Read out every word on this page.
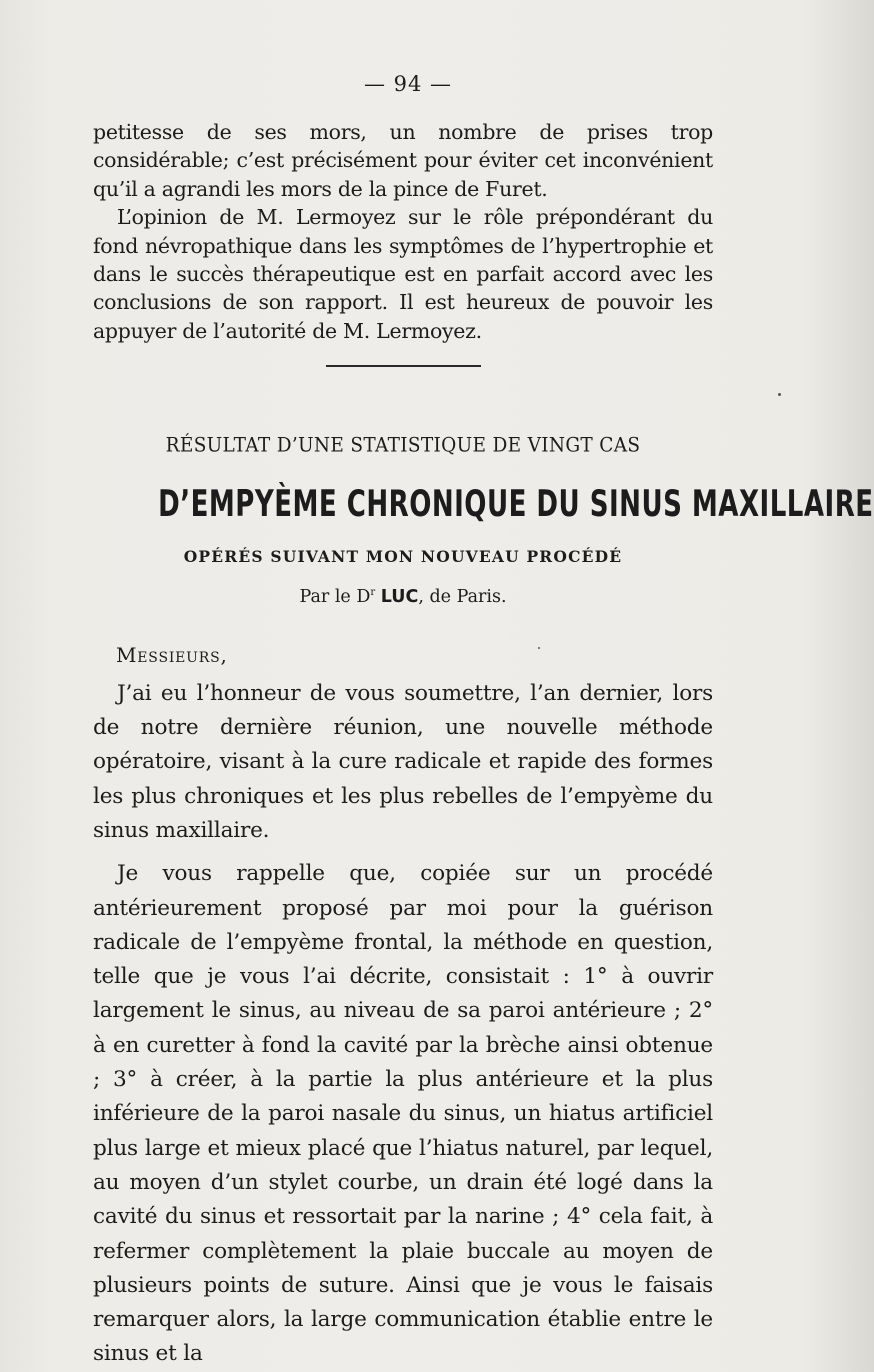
— 94 —

petitesse de ses mors, un nombre de prises trop considérable; c’est précisément pour éviter cet inconvénient qu’il a agrandi les mors de la pince de Furet.

L’opinion de M. Lermoyez sur le rôle prépondérant du fond névropathique dans les symptômes de l’hypertrophie et dans le succès thérapeutique est en parfait accord avec les conclusions de son rapport. Il est heureux de pouvoir les appuyer de l’autorité de M. Lermoyez.

RÉSULTAT D’UNE STATISTIQUE DE VINGT CAS
D’EMPYÈME CHRONIQUE DU SINUS MAXILLAIRE
OPÉRÉS SUIVANT MON NOUVEAU PROCÉDÉ
Par le $D^r$ LUC, de Paris.
Messieurs,

J’ai eu l’honneur de vous soumettre, l’an dernier, lors de notre dernière réunion, une nouvelle méthode opératoire, visant à la cure radicale et rapide des formes les plus chroniques et les plus rebelles de l’empyème du sinus maxillaire.

Je vous rappelle que, copiée sur un procédé antérieurement proposé par moi pour la guérison radicale de l’empyème frontal, la méthode en question, telle que je vous l’ai décrite, consistait : 1° à ouvrir largement le sinus, au niveau de sa paroi antérieure ; 2° à en curetter à fond la cavité par la brèche ainsi obtenue ; 3° à créer, à la partie la plus antérieure et la plus inférieure de la paroi nasale du sinus, un hiatus artificiel plus large et mieux placé que l’hiatus naturel, par lequel, au moyen d’un stylet courbe, un drain été logé dans la cavité du sinus et ressortait par la narine ; 4° cela fait, à refermer complètement la plaie buccale au moyen de plusieurs points de suture. Ainsi que je vous le faisais remarquer alors, la large communication établie entre le sinus et la
